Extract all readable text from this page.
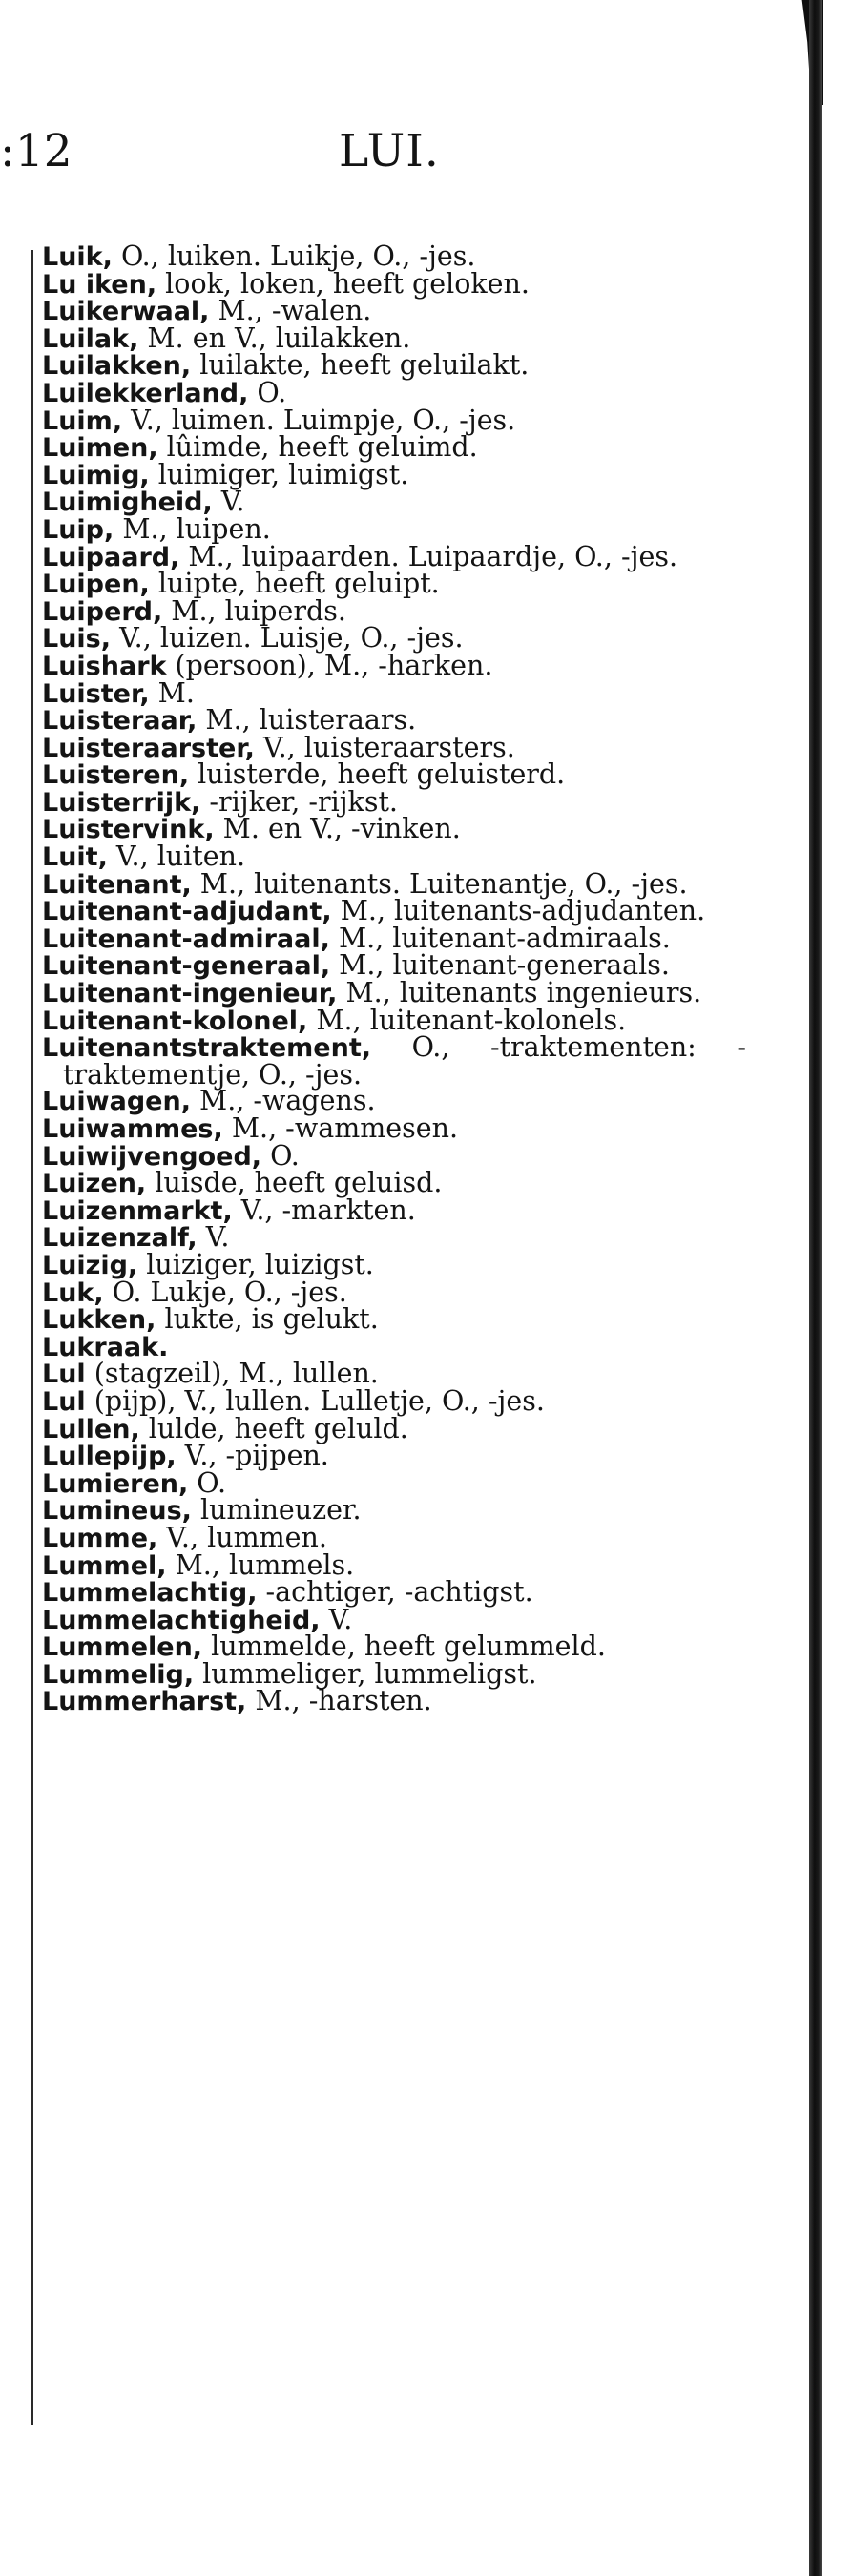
:12	LUI.
Luik, O., luiken. Luikje, O., -jes.
Lu iken, look, loken, heeft geloken.
Luikerwaal, M., -walen.
Luilak, M. en V., luilakken.
Luilakken, luilakte, heeft geluilakt.
Luilekkerland, O.
Luim, V., luimen. Luimpje, O., -jes.
Luimen, lûimde, heeft geluimd.
Luimig, luimiger, luimigst.
Luimigheid, V.
Luip, M., luipen.
Luipaard, M., luipaarden. Luipaardje, O., -jes.
Luipen, luipte, heeft geluipt.
Luiperd, M., luiperds.
Luis, V., luizen. Luisje, O., -jes.
Luishark (persoon), M., -harken.
Luister, M.
Luisteraar, M., luisteraars.
Luisteraarster, V., luisteraarsters.
Luisteren, luisterde, heeft geluisterd.
Luisterrijk, -rijker, -rijkst.
Luistervink, M. en V., -vinken.
Luit, V., luiten.
Luitenant, M., luitenants. Luitenantje, O., -jes.
Luitenant-adjudant, M., luitenants-adjudanten.
Luitenant-admiraal, M., luitenant-admiraals.
Luitenant-generaal, M., luitenant-generaals.
Luitenant-ingenieur, M., luitenants ingenieurs.
Luitenant-kolonel, M., luitenant-kolonels.
Luitenantstraktement, O., -traktementen: -traktementje, O., -jes.
Luiwagen, M., -wagens.
Luiwammes, M., -wammesen.
Luiwijvengoed, O.
Luizen, luisde, heeft geluisd.
Luizenmarkt, V., -markten.
Luizenzalf, V.
Luizig, luiziger, luizigst.
Luk, O. Lukje, O., -jes.
Lukken, lukte, is gelukt.
Lukraak.
Lul (stagzeil), M., lullen.
Lul (pijp), V., lullen. Lulletje, O., -jes.
Lullen, lulde, heeft geluld.
Lullepijp, V., -pijpen.
Lumieren, O.
Lumineus, lumineuzer.
Lumme, V., lummen.
Lummel, M., lummels.
Lummelachtig, -achtiger, -achtigst.
Lummelachtigheid, V.
Lummelen, lummelde, heeft gelummeld.
Lummelig, lummeliger, lummeligst.
Lummerharst, M., -harsten.
